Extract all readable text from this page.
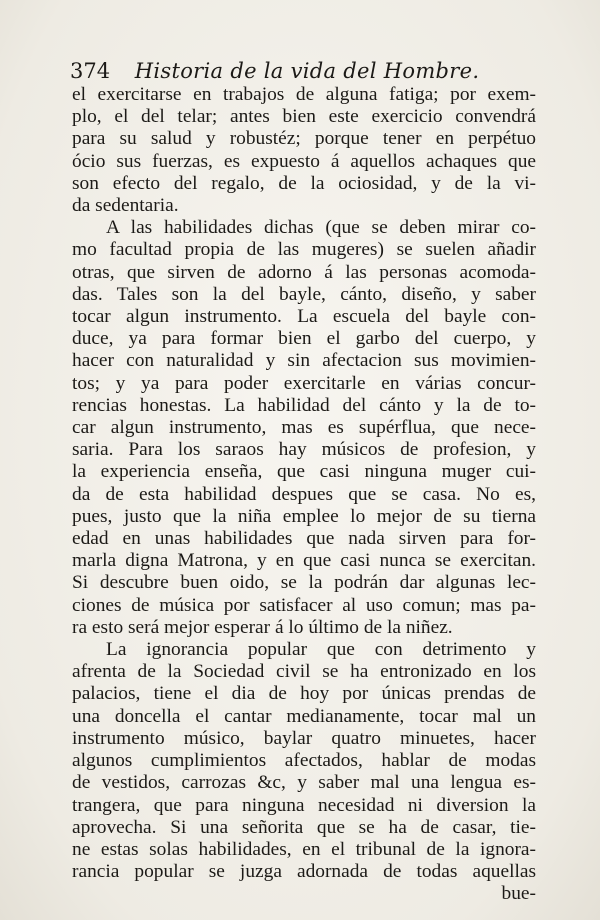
374 Historia de la vida del Hombre.
el exercitarse en trabajos de alguna fatiga; por exem-
plo, el del telar; antes bien este exercicio convendrá
para su salud y robustéz; porque tener en perpétuo
ócio sus fuerzas, es expuesto á aquellos achaques que
son efecto del regalo, de la ociosidad, y de la vi-
da sedentaria.
A las habilidades dichas (que se deben mirar co-
mo facultad propia de las mugeres) se suelen añadir
otras, que sirven de adorno á las personas acomoda-
das. Tales son la del bayle, cánto, diseño, y saber
tocar algun instrumento. La escuela del bayle con-
duce, ya para formar bien el garbo del cuerpo, y
hacer con naturalidad y sin afectacion sus movimien-
tos; y ya para poder exercitarle en várias concur-
rencias honestas. La habilidad del cánto y la de to-
car algun instrumento, mas es supérflua, que nece-
saria. Para los saraos hay músicos de profesion, y
la experiencia enseña, que casi ninguna muger cui-
da de esta habilidad despues que se casa. No es,
pues, justo que la niña emplee lo mejor de su tierna
edad en unas habilidades que nada sirven para for-
marla digna Matrona, y en que casi nunca se exercitan.
Si descubre buen oido, se la podrán dar algunas lec-
ciones de música por satisfacer al uso comun; mas pa-
ra esto será mejor esperar á lo último de la niñez.
La ignorancia popular que con detrimento y
afrenta de la Sociedad civil se ha entronizado en los
palacios, tiene el dia de hoy por únicas prendas de
una doncella el cantar medianamente, tocar mal un
instrumento músico, baylar quatro minuetes, hacer
algunos cumplimientos afectados, hablar de modas
de vestidos, carrozas &c, y saber mal una lengua es-
trangera, que para ninguna necesidad ni diversion la
aprovecha. Si una señorita que se ha de casar, tie-
ne estas solas habilidades, en el tribunal de la ignora-
rancia popular se juzga adornada de todas aquellas
bue-
